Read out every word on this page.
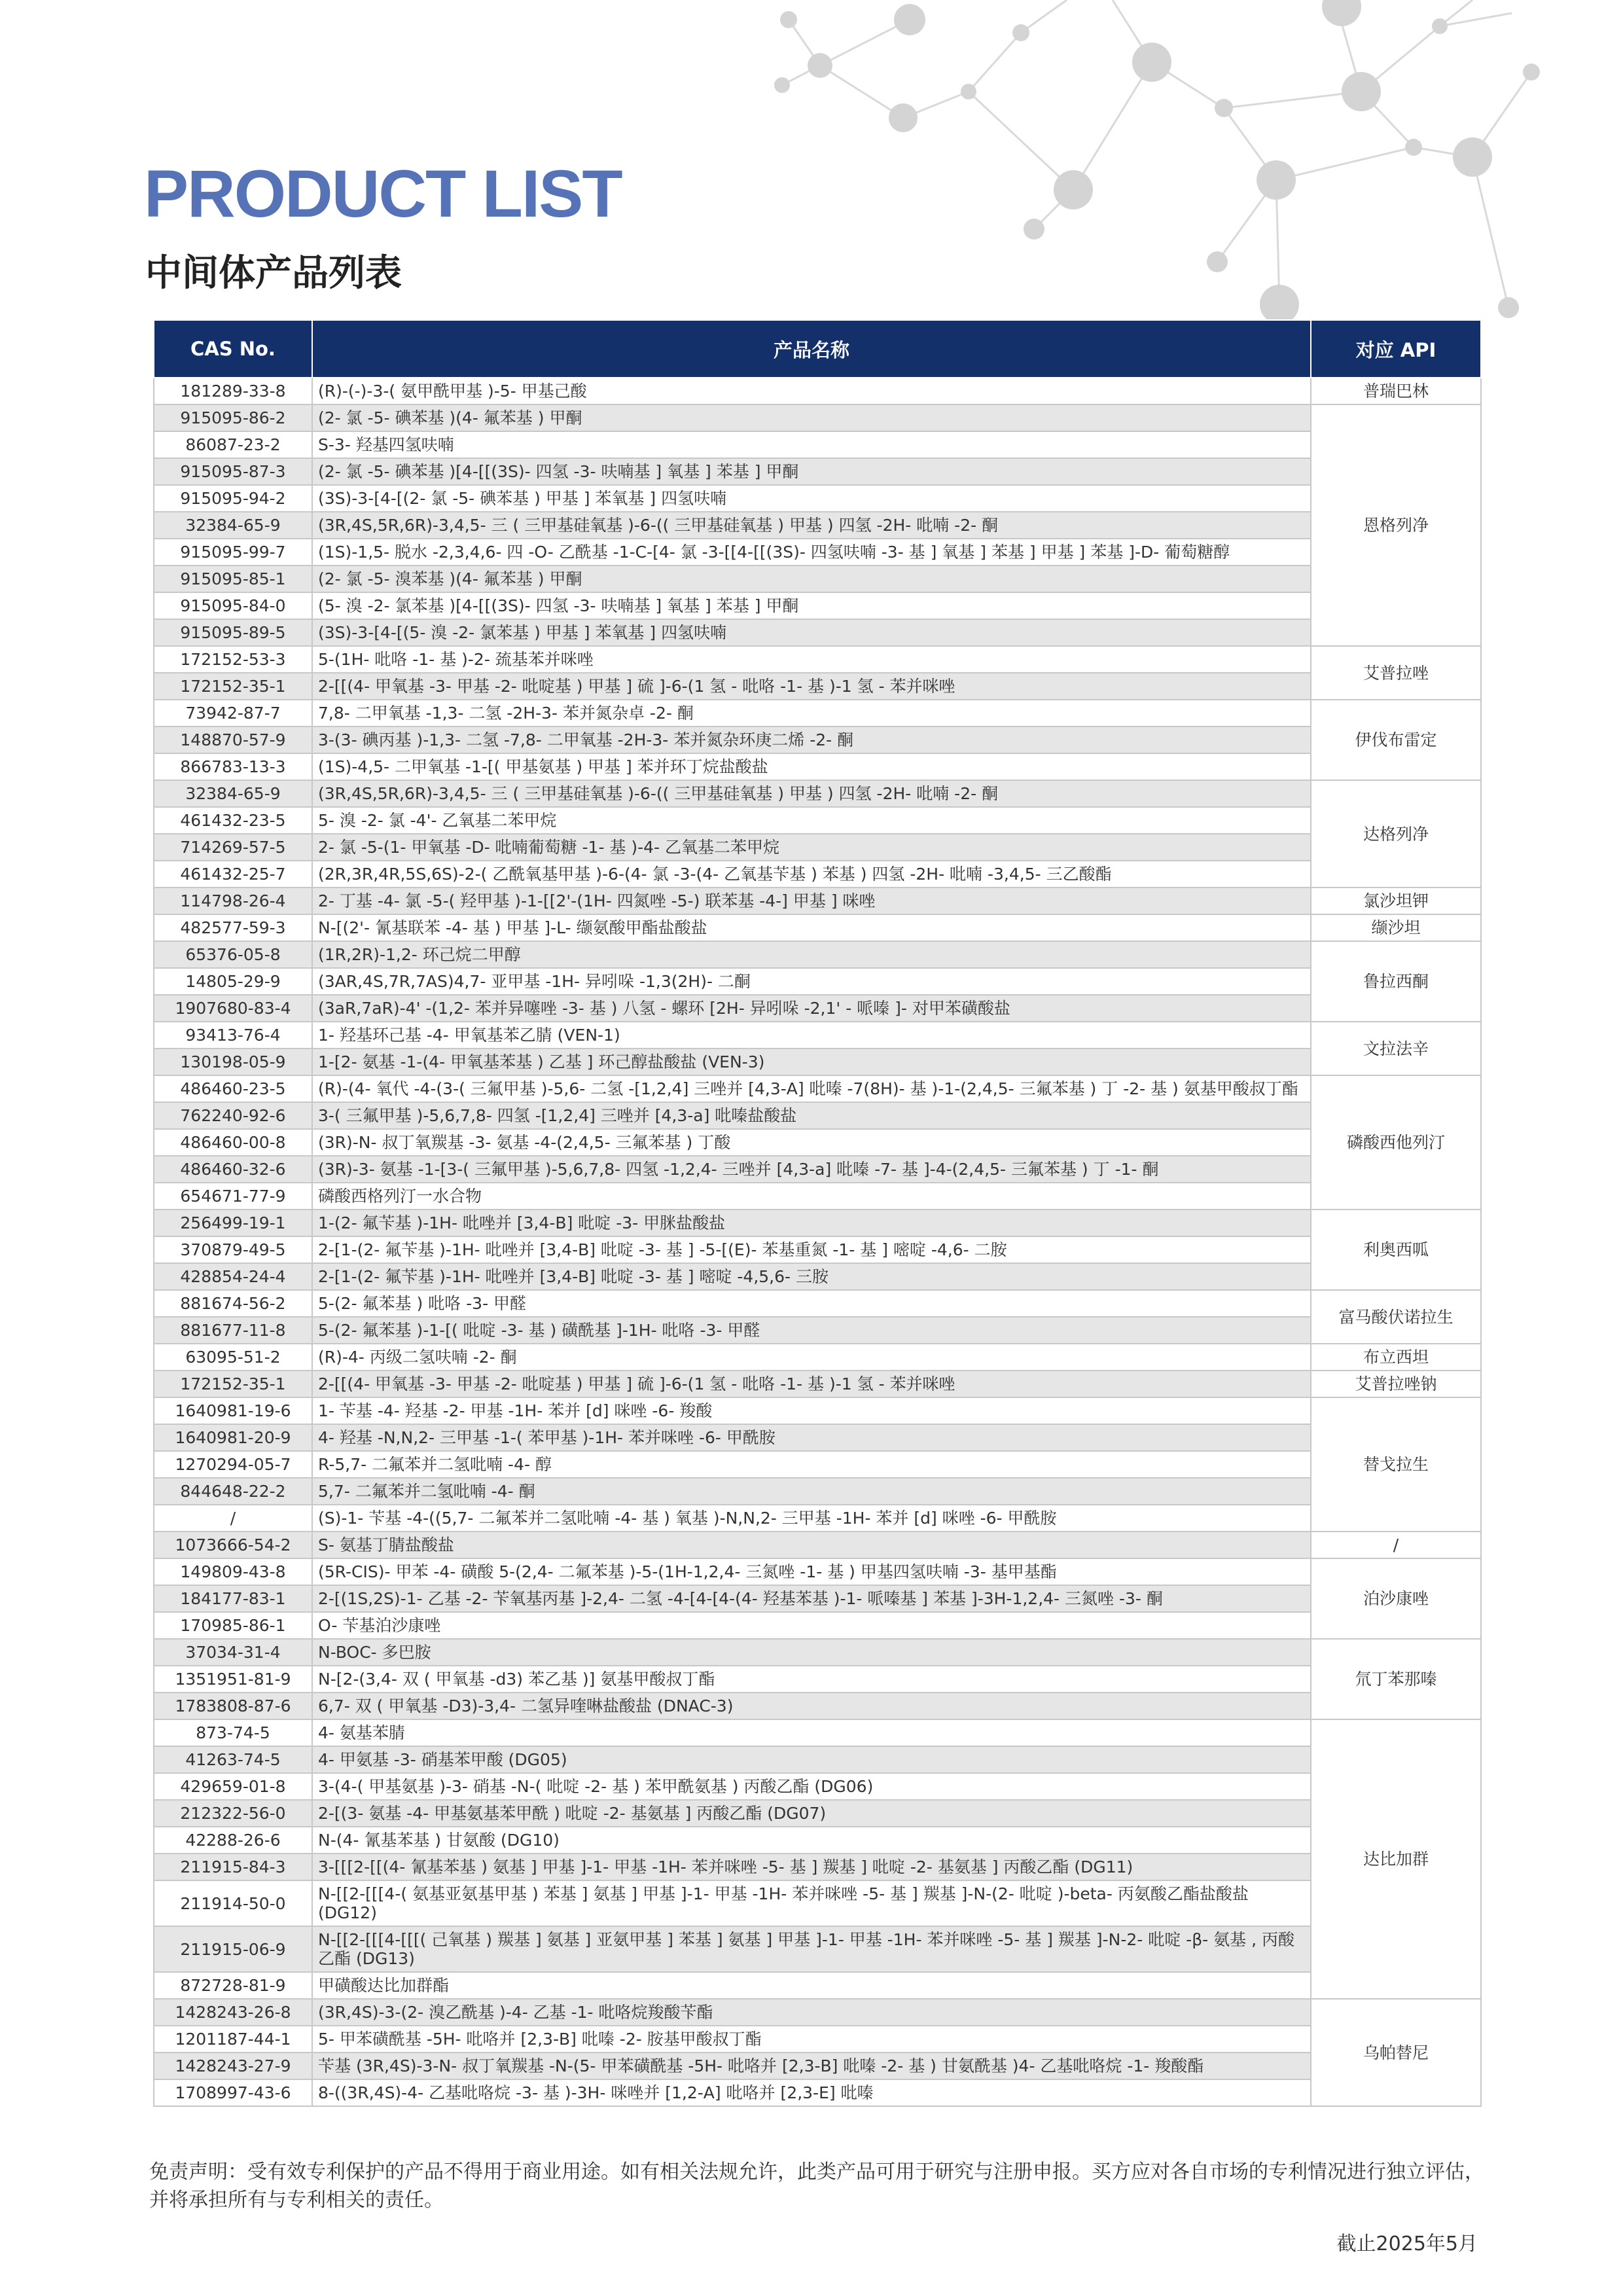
PRODUCT LIST
中间体产品列表
CAS No.	产品名称	对应 API
181289-33-8	(R)-(-)-3-( 氨甲酰甲基 )-5- 甲基己酸	普瑞巴林
915095-86-2	(2- 氯 -5- 碘苯基 )(4- 氟苯基 ) 甲酮	恩格列净
86087-23-2	S-3- 羟基四氢呋喃	
915095-87-3	(2- 氯 -5- 碘苯基 )[4-[[(3S)- 四氢 -3- 呋喃基 ] 氧基 ] 苯基 ] 甲酮	
915095-94-2	(3S)-3-[4-[(2- 氯 -5- 碘苯基 ) 甲基 ] 苯氧基 ] 四氢呋喃	
32384-65-9	(3R,4S,5R,6R)-3,4,5- 三 ( 三甲基硅氧基 )-6-(( 三甲基硅氧基 ) 甲基 ) 四氢 -2H- 吡喃 -2- 酮	
915095-99-7	(1S)-1,5- 脱水 -2,3,4,6- 四 -O- 乙酰基 -1-C-[4- 氯 -3-[[4-[[(3S)- 四氢呋喃 -3- 基 ] 氧基 ] 苯基 ] 甲基 ] 苯基 ]-D- 葡萄糖醇	
915095-85-1	(2- 氯 -5- 溴苯基 )(4- 氟苯基 ) 甲酮	
915095-84-0	(5- 溴 -2- 氯苯基 )[4-[[(3S)- 四氢 -3- 呋喃基 ] 氧基 ] 苯基 ] 甲酮	
915095-89-5	(3S)-3-[4-[(5- 溴 -2- 氯苯基 ) 甲基 ] 苯氧基 ] 四氢呋喃	
172152-53-3	5-(1H- 吡咯 -1- 基 )-2- 巯基苯并咪唑	艾普拉唑
172152-35-1	2-[[(4- 甲氧基 -3- 甲基 -2- 吡啶基 ) 甲基 ] 硫 ]-6-(1 氢 - 吡咯 -1- 基 )-1 氢 - 苯并咪唑	
73942-87-7	7,8- 二甲氧基 -1,3- 二氢 -2H-3- 苯并氮杂卓 -2- 酮	伊伐布雷定
148870-57-9	3-(3- 碘丙基 )-1,3- 二氢 -7,8- 二甲氧基 -2H-3- 苯并氮杂环庚二烯 -2- 酮	
866783-13-3	(1S)-4,5- 二甲氧基 -1-[( 甲基氨基 ) 甲基 ] 苯并环丁烷盐酸盐	
32384-65-9	(3R,4S,5R,6R)-3,4,5- 三 ( 三甲基硅氧基 )-6-(( 三甲基硅氧基 ) 甲基 ) 四氢 -2H- 吡喃 -2- 酮	达格列净
461432-23-5	5- 溴 -2- 氯 -4'- 乙氧基二苯甲烷	
714269-57-5	2- 氯 -5-(1- 甲氧基 -D- 吡喃葡萄糖 -1- 基 )-4- 乙氧基二苯甲烷	
461432-25-7	(2R,3R,4R,5S,6S)-2-( 乙酰氧基甲基 )-6-(4- 氯 -3-(4- 乙氧基苄基 ) 苯基 ) 四氢 -2H- 吡喃 -3,4,5- 三乙酸酯	
114798-26-4	2- 丁基 -4- 氯 -5-( 羟甲基 )-1-[[2'-(1H- 四氮唑 -5-) 联苯基 -4-] 甲基 ] 咪唑	氯沙坦钾
482577-59-3	N-[(2'- 氰基联苯 -4- 基 ) 甲基 ]-L- 缬氨酸甲酯盐酸盐	缬沙坦
65376-05-8	(1R,2R)-1,2- 环己烷二甲醇	鲁拉西酮
14805-29-9	(3AR,4S,7R,7AS)4,7- 亚甲基 -1H- 异吲哚 -1,3(2H)- 二酮	
1907680-83-4	(3aR,7aR)-4' -(1,2- 苯并异噻唑 -3- 基 ) 八氢 - 螺环 [2H- 异吲哚 -2,1' - 哌嗪 ]- 对甲苯磺酸盐	
93413-76-4	1- 羟基环己基 -4- 甲氧基苯乙腈 (VEN-1)	文拉法辛
130198-05-9	1-[2- 氨基 -1-(4- 甲氧基苯基 ) 乙基 ] 环己醇盐酸盐 (VEN-3)	
486460-23-5	(R)-(4- 氧代 -4-(3-( 三氟甲基 )-5,6- 二氢 -[1,2,4] 三唑并 [4,3-A] 吡嗪 -7(8H)- 基 )-1-(2,4,5- 三氟苯基 ) 丁 -2- 基 ) 氨基甲酸叔丁酯	磷酸西他列汀
762240-92-6	3-( 三氟甲基 )-5,6,7,8- 四氢 -[1,2,4] 三唑并 [4,3-a] 吡嗪盐酸盐	
486460-00-8	(3R)-N- 叔丁氧羰基 -3- 氨基 -4-(2,4,5- 三氟苯基 ) 丁酸	
486460-32-6	(3R)-3- 氨基 -1-[3-( 三氟甲基 )-5,6,7,8- 四氢 -1,2,4- 三唑并 [4,3-a] 吡嗪 -7- 基 ]-4-(2,4,5- 三氟苯基 ) 丁 -1- 酮	
654671-77-9	磷酸西格列汀一水合物	
256499-19-1	1-(2- 氟苄基 )-1H- 吡唑并 [3,4-B] 吡啶 -3- 甲脒盐酸盐	利奥西呱
370879-49-5	2-[1-(2- 氟苄基 )-1H- 吡唑并 [3,4-B] 吡啶 -3- 基 ] -5-[(E)- 苯基重氮 -1- 基 ] 嘧啶 -4,6- 二胺	
428854-24-4	2-[1-(2- 氟苄基 )-1H- 吡唑并 [3,4-B] 吡啶 -3- 基 ] 嘧啶 -4,5,6- 三胺	
881674-56-2	5-(2- 氟苯基 ) 吡咯 -3- 甲醛	富马酸伏诺拉生
881677-11-8	5-(2- 氟苯基 )-1-[( 吡啶 -3- 基 ) 磺酰基 ]-1H- 吡咯 -3- 甲醛	
63095-51-2	(R)-4- 丙级二氢呋喃 -2- 酮	布立西坦
172152-35-1	2-[[(4- 甲氧基 -3- 甲基 -2- 吡啶基 ) 甲基 ] 硫 ]-6-(1 氢 - 吡咯 -1- 基 )-1 氢 - 苯并咪唑	艾普拉唑钠
1640981-19-6	1- 苄基 -4- 羟基 -2- 甲基 -1H- 苯并 [d] 咪唑 -6- 羧酸	替戈拉生
1640981-20-9	4- 羟基 -N,N,2- 三甲基 -1-( 苯甲基 )-1H- 苯并咪唑 -6- 甲酰胺	
1270294-05-7	R-5,7- 二氟苯并二氢吡喃 -4- 醇	
844648-22-2	5,7- 二氟苯并二氢吡喃 -4- 酮	
/	(S)-1- 苄基 -4-((5,7- 二氟苯并二氢吡喃 -4- 基 ) 氧基 )-N,N,2- 三甲基 -1H- 苯并 [d] 咪唑 -6- 甲酰胺	
1073666-54-2	S- 氨基丁腈盐酸盐	/
149809-43-8	(5R-CIS)- 甲苯 -4- 磺酸 5-(2,4- 二氟苯基 )-5-(1H-1,2,4- 三氮唑 -1- 基 ) 甲基四氢呋喃 -3- 基甲基酯	泊沙康唑
184177-83-1	2-[(1S,2S)-1- 乙基 -2- 苄氧基丙基 ]-2,4- 二氢 -4-[4-[4-(4- 羟基苯基 )-1- 哌嗪基 ] 苯基 ]-3H-1,2,4- 三氮唑 -3- 酮	
170985-86-1	O- 苄基泊沙康唑	
37034-31-4	N-BOC- 多巴胺	氘丁苯那嗪
1351951-81-9	N-[2-(3,4- 双 ( 甲氧基 -d3) 苯乙基 )] 氨基甲酸叔丁酯	
1783808-87-6	6,7- 双 ( 甲氧基 -D3)-3,4- 二氢异喹啉盐酸盐 (DNAC-3)	
873-74-5	4- 氨基苯腈	达比加群
41263-74-5	4- 甲氨基 -3- 硝基苯甲酸 (DG05)	
429659-01-8	3-(4-( 甲基氨基 )-3- 硝基 -N-( 吡啶 -2- 基 ) 苯甲酰氨基 ) 丙酸乙酯 (DG06)	
212322-56-0	2-[(3- 氨基 -4- 甲基氨基苯甲酰 ) 吡啶 -2- 基氨基 ] 丙酸乙酯 (DG07)	
42288-26-6	N-(4- 氰基苯基 ) 甘氨酸 (DG10)	
211915-84-3	3-[[[2-[[(4- 氰基苯基 ) 氨基 ] 甲基 ]-1- 甲基 -1H- 苯并咪唑 -5- 基 ] 羰基 ] 吡啶 -2- 基氨基 ] 丙酸乙酯 (DG11)	
211914-50-0	N-[[2-[[[4-( 氨基亚氨基甲基 ) 苯基 ] 氨基 ] 甲基 ]-1- 甲基 -1H- 苯并咪唑 -5- 基 ] 羰基 ]-N-(2- 吡啶 )-beta- 丙氨酸乙酯盐酸盐 (DG12)	
211915-06-9	N-[[2-[[[4-[[[( 己氧基 ) 羰基 ] 氨基 ] 亚氨甲基 ] 苯基 ] 氨基 ] 甲基 ]-1- 甲基 -1H- 苯并咪唑 -5- 基 ] 羰基 ]-N-2- 吡啶 -β- 氨基 , 丙酸乙酯 (DG13)	
872728-81-9	甲磺酸达比加群酯	
1428243-26-8	(3R,4S)-3-(2- 溴乙酰基 )-4- 乙基 -1- 吡咯烷羧酸苄酯	乌帕替尼
1201187-44-1	5- 甲苯磺酰基 -5H- 吡咯并 [2,3-B] 吡嗪 -2- 胺基甲酸叔丁酯	
1428243-27-9	苄基 (3R,4S)-3-N- 叔丁氧羰基 -N-(5- 甲苯磺酰基 -5H- 吡咯并 [2,3-B] 吡嗪 -2- 基 ) 甘氨酰基 )4- 乙基吡咯烷 -1- 羧酸酯	
1708997-43-6	8-((3R,4S)-4- 乙基吡咯烷 -3- 基 )-3H- 咪唑并 [1,2-A] 吡咯并 [2,3-E] 吡嗪	

免责声明：受有效专利保护的产品不得用于商业用途。如有相关法规允许，此类产品可用于研究与注册申报。买方应对各自市场的专利情况进行独立评估，并将承担所有与专利相关的责任。

截止2025年5月
